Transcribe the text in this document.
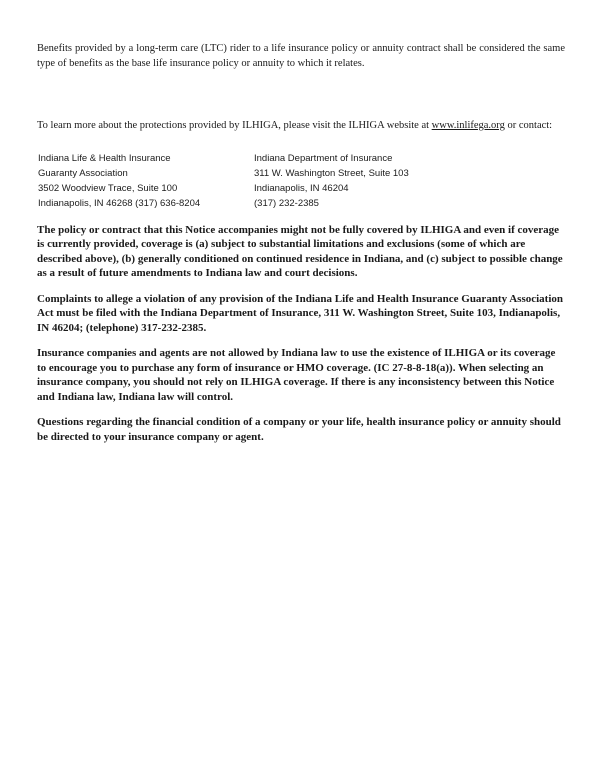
Benefits provided by a long-term care (LTC) rider to a life insurance policy or annuity contract shall be considered the same type of benefits as the base life insurance policy or annuity to which it relates.

To learn more about the protections provided by ILHIGA, please visit the ILHIGA website at www.inlifega.org or contact:

Indiana Life & Health Insurance
Guaranty Association
3502 Woodview Trace, Suite 100
Indianapolis, IN 46268 (317) 636-8204
Indiana Department of Insurance
311 W. Washington Street, Suite 103
Indianapolis, IN 46204
(317) 232-2385

The policy or contract that this Notice accompanies might not be fully covered by ILHIGA and even if coverage is currently provided, coverage is (a) subject to substantial limitations and exclusions (some of which are described above), (b) generally conditioned on continued residence in Indiana, and (c) subject to possible change as a result of future amendments to Indiana law and court decisions.

Complaints to allege a violation of any provision of the Indiana Life and Health Insurance Guaranty Association Act must be filed with the Indiana Department of Insurance, 311 W. Washington Street, Suite 103, Indianapolis, IN 46204; (telephone) 317-232-2385.

Insurance companies and agents are not allowed by Indiana law to use the existence of ILHIGA or its coverage to encourage you to purchase any form of insurance or HMO coverage. (IC 27-8-8-18(a)). When selecting an insurance company, you should not rely on ILHIGA coverage. If there is any inconsistency between this Notice and Indiana law, Indiana law will control.

Questions regarding the financial condition of a company or your life, health insurance policy or annuity should be directed to your insurance company or agent.
